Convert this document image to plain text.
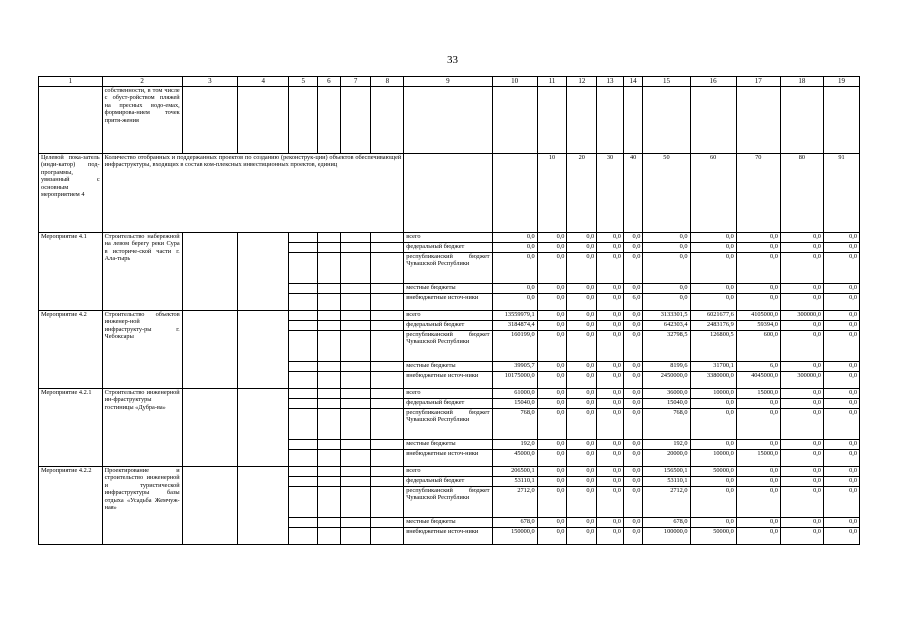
33
1	2	3	4	5	6	7	8	9	10	11	12	13	14	15	16	17	18	19
	собственности, в том числе с обуст-ройством пляжей на пресных водо-емах, формирова-нием точек притя-жения																	
Целевой пока-затель (инди-катор) под-программы, увязанный с основным мероприятием 4	Количество отобранных и поддержанных проектов по созданию (реконструк-ции) объектов обеспечивающей инфраструктуры, входящих в состав ком-плексных инвестиционных проектов, единиц									10	20	30	40	50	60	70	80	91
Мероприятие 4.1	Строительство набережной на левом берегу реки Сура в историче-ской части г. Ала-тырь							всего	0,0	0,0	0,0	0,0	0,0	0,0	0,0	0,0	0,0	0,0
								федеральный бюджет	0,0	0,0	0,0	0,0	0,0	0,0	0,0	0,0	0,0	0,0
								республиканский бюджет Чувашской Республики	0,0	0,0	0,0	0,0	0,0	0,0	0,0	0,0	0,0	0,0
								местные бюджеты	0,0	0,0	0,0	0,0	0,0	0,0	0,0	0,0	0,0	0,0
								внебюджетные источ-ники	0,0	0,0	0,0	0,0	6,0	0,0	0,0	0,0	0,0	0,0
Мероприятие 4.2	Строительство объектов инженер-ной инфраструкту-ры г. Чебоксары							всего	13559979,1	0,0	0,0	0,0	0,0	3133301,5	6021677,6	4105000,0	300000,0	0,0
								федеральный бюджет	3184874,4	0,0	0,0	0,0	0,0	642303,4	2483176,9	59394,0	0,0	0,0
								республиканский бюджет Чувашской Республики	160199,0	0,0	0,0	0,0	0,0	32798,5	126800,5	600,0	0,0	0,0
								местные бюджеты	39905,7	0,0	0,0	0,0	0,0	8199,6	31700,1	6,0	0,0	0,0
								внебюджетные источ-ники	10175000,0	0,0	0,0	0,0	0,0	2450000,0	3380000,0	4045000,0	300000,0	0,0
Мероприятие 4.2.1	Строительство инженерной ин-фраструктуры гостиницы «Дубра-ва»							всего	61000,0	0,0	0,0	0,0	0,0	36000,0	10000,0	15000,0	0,0	0,0
								федеральный бюджет	15040,0	0,0	0,0	0,0	0,0	15040,0	0,0	0,0	0,0	0,0
								республиканский бюджет Чувашской Республики	768,0	0,0	0,0	0,0	0,0	768,0	0,0	0,0	0,0	0,0
								местные бюджеты	192,0	0,0	0,0	0,0	0,0	192,0	0,0	0,0	0,0	0,0
								внебюджетные источ-ники	45000,0	0,0	0,0	0,0	0,0	20000,0	10000,0	15000,0	0,0	0,0
Мероприятие 4.2.2	Проектирование и строительство инженерной и туристической инфраструктуры базы отдыха «Усадьба Жемчуж-ная»							всего	206500,1	0,0	0,0	0,0	0,0	156500,1	50000,0	0,0	0,0	0,0
								федеральный бюджет	53110,1	0,0	0,0	0,0	0,0	53110,1	0,0	0,0	0,0	0,0
								республиканский бюджет Чувашской Республики	2712,0	0,0	0,0	0,0	0,0	2712,0	0,0	0,0	0,0	0,0
								местные бюджеты	678,0	0,0	0,0	0,0	0,0	678,0	0,0	0,0	0,0	0,0
								внебюджетные источ-ники	150000,0	0,0	0,0	0,0	0,0	100000,0	50000,0	0,0	0,0	0,0
